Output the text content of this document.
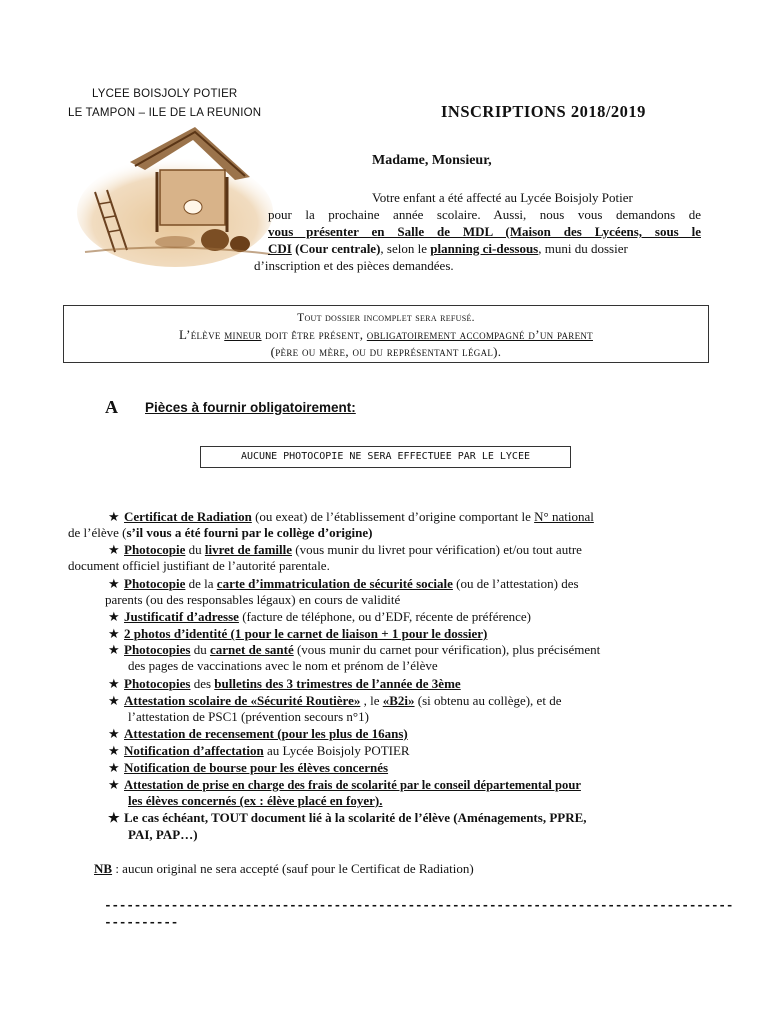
LYCEE BOISJOLY POTIER
LE TAMPON – ILE DE LA REUNION	INSCRIPTIONS 2018/2019
Madame, Monsieur,
Votre enfant a été affecté au Lycée Boisjoly Potier
pour la prochaine année scolaire. Aussi, nous vous demandons de
vous présenter en Salle de MDL (Maison des Lycéens, sous le
CDI (Cour centrale), selon le planning ci-dessous, muni du dossier
d’inscription et des pièces demandées.
Tout dossier incomplet sera refusé.
L’élève mineur doit être présent, obligatoirement accompagné d’un parent
(père ou mère, ou du représentant légal).
A Pièces à fournir obligatoirement:
AUCUNE PHOTOCOPIE NE SERA EFFECTUEE PAR LE LYCEE
★ Certificat de Radiation (ou exeat) de l’établissement d’origine comportant le N° national
de l’élève (s’il vous a été fourni par le collège d’origine)
★ Photocopie du livret de famille (vous munir du livret pour vérification) et/ou tout autre
document officiel justifiant de l’autorité parentale.
★ Photocopie de la carte d’immatriculation de sécurité sociale (ou de l’attestation) des
parents (ou des responsables légaux) en cours de validité
★ Justificatif d’adresse (facture de téléphone, ou d’EDF, récente de préférence)
★ 2 photos d’identité (1 pour le carnet de liaison + 1 pour le dossier)
★ Photocopies du carnet de santé (vous munir du carnet pour vérification), plus précisément
des pages de vaccinations avec le nom et prénom de l’élève
★ Photocopies des bulletins des 3 trimestres de l’année de 3ème
★ Attestation scolaire de «Sécurité Routière» , le «B2i» (si obtenu au collège), et de
l’attestation de PSC1 (prévention secours n°1)
★ Attestation de recensement (pour les plus de 16ans)
★ Notification d’affectation au Lycée Boisjoly POTIER
★ Notification de bourse pour les élèves concernés
★ Attestation de prise en charge des frais de scolarité par le conseil départemental pour
les élèves concernés (ex : élève placé en foyer).
★ Le cas échéant, TOUT document lié à la scolarité de l’élève (Aménagements, PPRE,
PAI, PAP…)
NB : aucun original ne sera accepté (sauf pour le Certificat de Radiation)
-------------------------------------------------------------------------------------
----------
